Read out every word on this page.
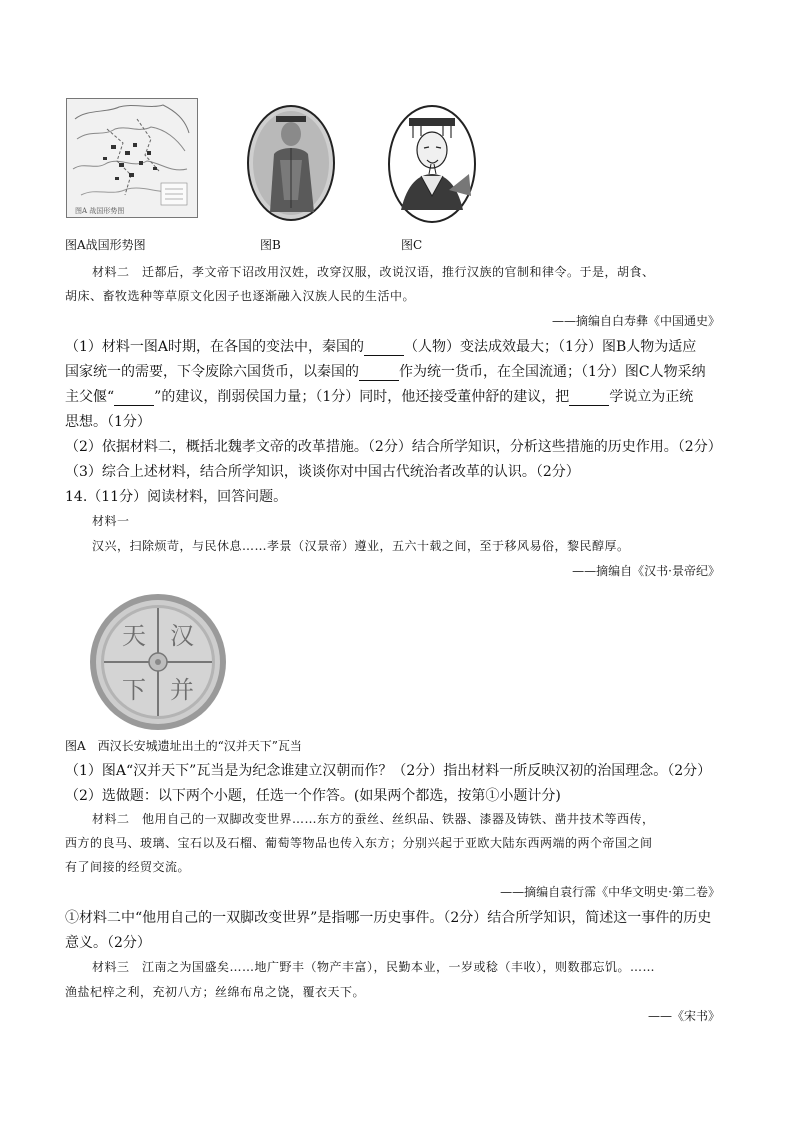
图A 战国形势图
图A战国形势图	图B	图C
材料二　迁都后，孝文帝下诏改用汉姓，改穿汉服，改说汉语，推行汉族的官制和律令。于是，胡食、
胡床、畜牧选种等草原文化因子也逐渐融入汉族人民的生活中。
——摘编自白寿彝《中国通史》
（1）材料一图A时期，在各国的变法中，秦国的	（人物）变法成效最大；（1分）图B人物为适应
国家统一的需要，下令废除六国货币，以秦国的	作为统一货币，在全国流通；（1分）图C人物采纳
主父偃“	”的建议，削弱侯国力量；（1分）同时，他还接受董仲舒的建议，把	学说立为正统
思想。（1分）
（2）依据材料二，概括北魏孝文帝的改革措施。（2分）结合所学知识，分析这些措施的历史作用。（2分）
（3）综合上述材料，结合所学知识，谈谈你对中国古代统治者改革的认识。（2分）
14.（11分）阅读材料，回答问题。
材料一
汉兴，扫除烦苛，与民休息……孝景（汉景帝）遵业，五六十载之间，至于移风易俗，黎民醇厚。
——摘编自《汉书·景帝纪》
汉
并
天
下
图A　西汉长安城遗址出土的“汉并天下”瓦当
（1）图A“汉并天下”瓦当是为纪念谁建立汉朝而作？（2分）指出材料一所反映汉初的治国理念。（2分）
（2）选做题：以下两个小题，任选一个作答。(如果两个都选，按第①小题计分)
材料二　他用自己的一双脚改变世界……东方的蚕丝、丝织品、铁器、漆器及铸铁、凿井技术等西传，
西方的良马、玻璃、宝石以及石榴、葡萄等物品也传入东方；分别兴起于亚欧大陆东西两端的两个帝国之间
有了间接的经贸交流。
——摘编自袁行霈《中华文明史·第二卷》
①材料二中“他用自己的一双脚改变世界”是指哪一历史事件。（2分）结合所学知识，简述这一事件的历史
意义。（2分）
材料三　江南之为国盛矣……地广野丰（物产丰富），民勤本业，一岁或稔（丰收），则数郡忘饥。……
渔盐杞梓之利，充初八方；丝绵布帛之饶，覆衣天下。
——《宋书》
